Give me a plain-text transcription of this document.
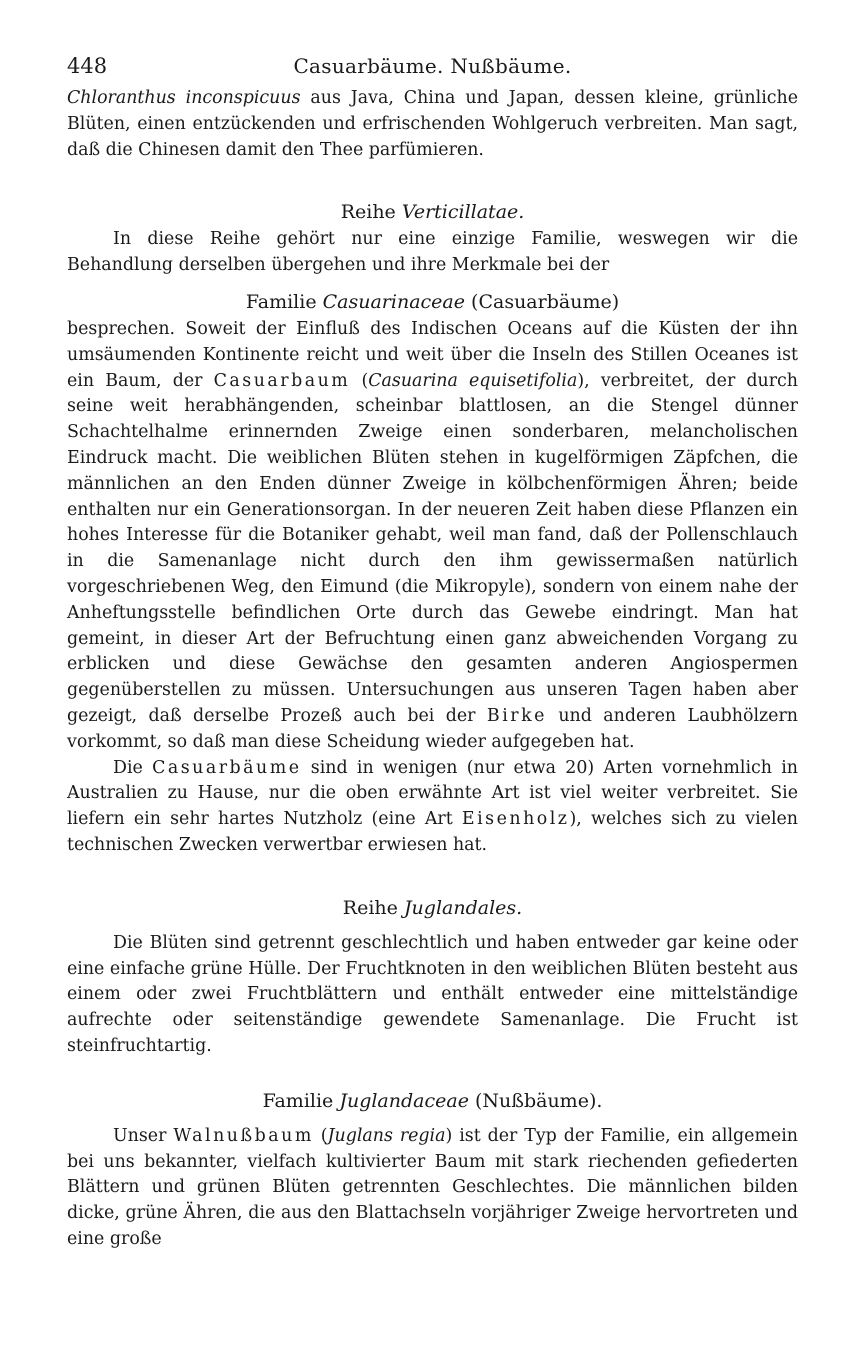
448	Casuarbäume. Nußbäume.

Chloranthus inconspicuus aus Java, China und Japan, dessen kleine, grünliche Blüten, einen entzückenden und erfrischenden Wohlgeruch verbreiten. Man sagt, daß die Chinesen damit den Thee parfümieren.

Reihe Verticillatae.

In diese Reihe gehört nur eine einzige Familie, weswegen wir die Behandlung derselben übergehen und ihre Merkmale bei der

Familie Casuarinaceae (Casuarbäume)

besprechen. Soweit der Einfluß des Indischen Oceans auf die Küsten der ihn umsäumenden Kontinente reicht und weit über die Inseln des Stillen Oceanes ist ein Baum, der Casuarbaum (Casuarina equisetifolia), verbreitet, der durch seine weit herabhängenden, scheinbar blattlosen, an die Stengel dünner Schachtelhalme erinnernden Zweige einen sonderbaren, melancholischen Eindruck macht. Die weiblichen Blüten stehen in kugelförmigen Zäpfchen, die männlichen an den Enden dünner Zweige in kölbchenförmigen Ähren; beide enthalten nur ein Generationsorgan. In der neueren Zeit haben diese Pflanzen ein hohes Interesse für die Botaniker gehabt, weil man fand, daß der Pollenschlauch in die Samenanlage nicht durch den ihm gewissermaßen natürlich vorgeschriebenen Weg, den Eimund (die Mikropyle), sondern von einem nahe der Anheftungsstelle befindlichen Orte durch das Gewebe eindringt. Man hat gemeint, in dieser Art der Befruchtung einen ganz abweichenden Vorgang zu erblicken und diese Gewächse den gesamten anderen Angiospermen gegenüberstellen zu müssen. Untersuchungen aus unseren Tagen haben aber gezeigt, daß derselbe Prozeß auch bei der Birke und anderen Laubhölzern vorkommt, so daß man diese Scheidung wieder aufgegeben hat.

Die Casuarbäume sind in wenigen (nur etwa 20) Arten vornehmlich in Australien zu Hause, nur die oben erwähnte Art ist viel weiter verbreitet. Sie liefern ein sehr hartes Nutzholz (eine Art Eisenholz), welches sich zu vielen technischen Zwecken verwertbar erwiesen hat.

Reihe Juglandales.

Die Blüten sind getrennt geschlechtlich und haben entweder gar keine oder eine einfache grüne Hülle. Der Fruchtknoten in den weiblichen Blüten besteht aus einem oder zwei Fruchtblättern und enthält entweder eine mittelständige aufrechte oder seitenständige gewendete Samenanlage. Die Frucht ist steinfruchtartig.

Familie Juglandaceae (Nußbäume).

Unser Walnußbaum (Juglans regia) ist der Typ der Familie, ein allgemein bei uns bekannter, vielfach kultivierter Baum mit stark riechenden gefiederten Blättern und grünen Blüten getrennten Geschlechtes. Die männlichen bilden dicke, grüne Ähren, die aus den Blattachseln vorjähriger Zweige hervortreten und eine große
